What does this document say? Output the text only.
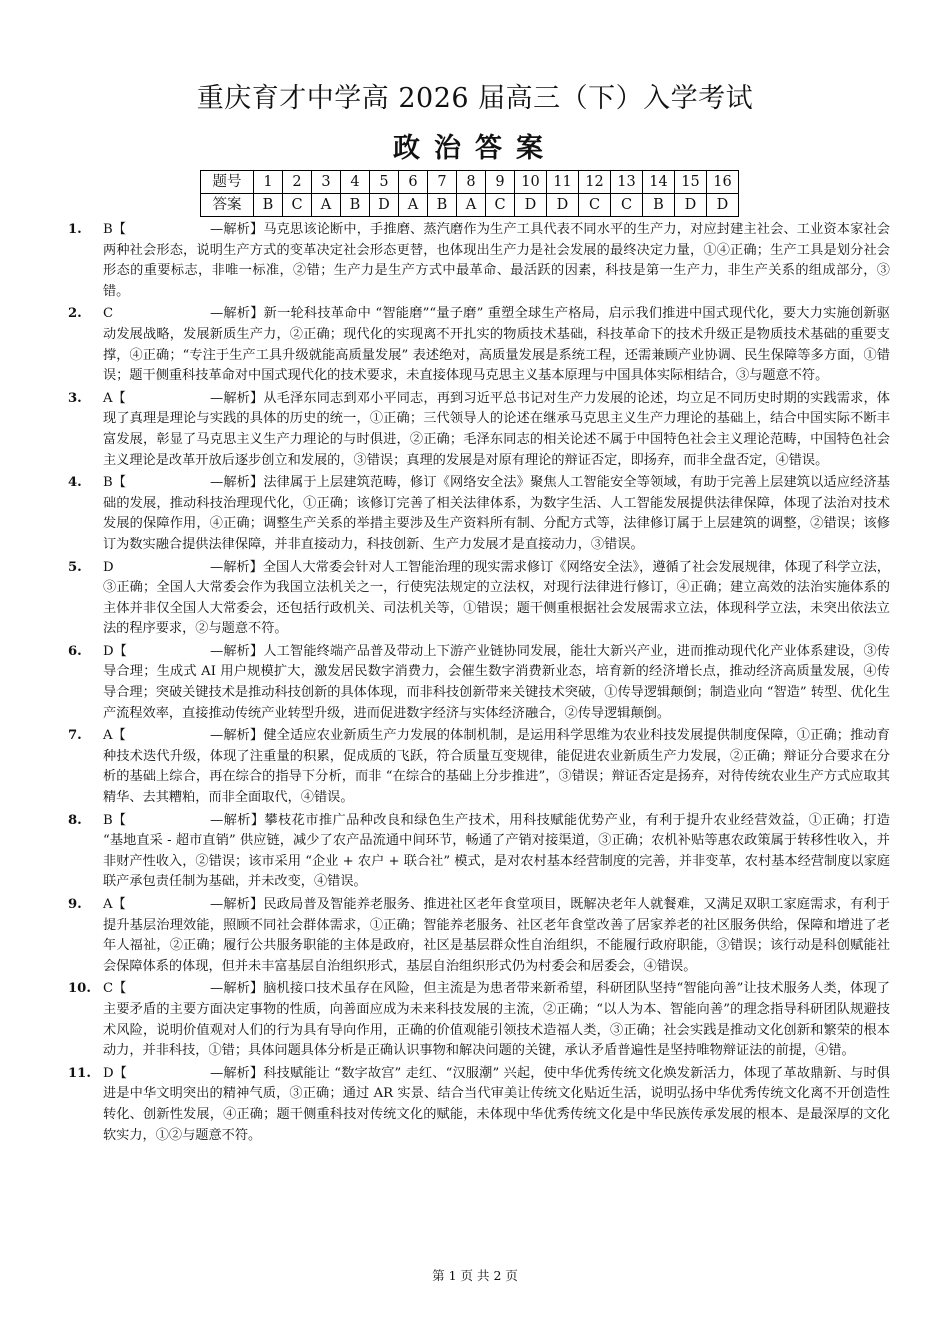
重庆育才中学高 2026 届高三（下）入学考试
政治答案
题号	1	2	3	4	5	6	7	8	9	10	11	12	13	14	15	16
答案	B	C	A	B	D	A	B	A	C	D	D	C	C	B	D	D
1. B【	—解析】马克思该论断中，手推磨、蒸汽磨作为生产工具代表不同水平的生产力，对应封建主社会、工业资本家社会两种社会形态，说明生产方式的变革决定社会形态更替，也体现出生产力是社会发展的最终决定力量，①④正确；生产工具是划分社会形态的重要标志，非唯一标准，②错；生产力是生产方式中最革命、最活跃的因素，科技是第一生产力，非生产关系的组成部分，③错。
2. C	—解析】新一轮科技革命中 “智能磨”“量子磨” 重塑全球生产格局，启示我们推进中国式现代化，要大力实施创新驱动发展战略，发展新质生产力，②正确；现代化的实现离不开扎实的物质技术基础，科技革命下的技术升级正是物质技术基础的重要支撑，④正确；“专注于生产工具升级就能高质量发展” 表述绝对，高质量发展是系统工程，还需兼顾产业协调、民生保障等多方面，①错误；题干侧重科技革命对中国式现代化的技术要求，未直接体现马克思主义基本原理与中国具体实际相结合，③与题意不符。
3. A【	—解析】从毛泽东同志到邓小平同志，再到习近平总书记对生产力发展的论述，均立足不同历史时期的实践需求，体现了真理是理论与实践的具体的历史的统一，①正确；三代领导人的论述在继承马克思主义生产力理论的基础上，结合中国实际不断丰富发展，彰显了马克思主义生产力理论的与时俱进，②正确；毛泽东同志的相关论述不属于中国特色社会主义理论范畴，中国特色社会主义理论是改革开放后逐步创立和发展的，③错误；真理的发展是对原有理论的辩证否定，即扬弃，而非全盘否定，④错误。
4. B【	—解析】法律属于上层建筑范畴，修订《网络安全法》聚焦人工智能安全等领域，有助于完善上层建筑以适应经济基础的发展，推动科技治理现代化，①正确；该修订完善了相关法律体系，为数字生活、人工智能发展提供法律保障，体现了法治对技术发展的保障作用，④正确；调整生产关系的举措主要涉及生产资料所有制、分配方式等，法律修订属于上层建筑的调整，②错误；该修订为数实融合提供法律保障，并非直接动力，科技创新、生产力发展才是直接动力，③错误。
5. D	—解析】全国人大常委会针对人工智能治理的现实需求修订《网络安全法》，遵循了社会发展规律，体现了科学立法，③正确；全国人大常委会作为我国立法机关之一，行使宪法规定的立法权，对现行法律进行修订，④正确；建立高效的法治实施体系的主体并非仅全国人大常委会，还包括行政机关、司法机关等，①错误；题干侧重根据社会发展需求立法，体现科学立法，未突出依法立法的程序要求，②与题意不符。
6. D【	—解析】人工智能终端产品普及带动上下游产业链协同发展，能壮大新兴产业，进而推动现代化产业体系建设，③传导合理；生成式 AI 用户规模扩大，激发居民数字消费力，会催生数字消费新业态，培育新的经济增长点，推动经济高质量发展，④传导合理；突破关键技术是推动科技创新的具体体现，而非科技创新带来关键技术突破，①传导逻辑颠倒；制造业向 “智造” 转型、优化生产流程效率，直接推动传统产业转型升级，进而促进数字经济与实体经济融合，②传导逻辑颠倒。
7. A【	—解析】健全适应农业新质生产力发展的体制机制，是运用科学思维为农业科技发展提供制度保障，①正确；推动育种技术迭代升级，体现了注重量的积累，促成质的飞跃，符合质量互变规律，能促进农业新质生产力发展，②正确；辩证分合要求在分析的基础上综合，再在综合的指导下分析，而非 “在综合的基础上分步推进”，③错误；辩证否定是扬弃，对待传统农业生产方式应取其精华、去其糟粕，而非全面取代，④错误。
8. B【	—解析】攀枝花市推广品种改良和绿色生产技术，用科技赋能优势产业，有利于提升农业经营效益，①正确；打造 “基地直采 - 超市直销” 供应链，减少了农产品流通中间环节，畅通了产销对接渠道，③正确；农机补贴等惠农政策属于转移性收入，并非财产性收入，②错误；该市采用 “企业 + 农户 + 联合社” 模式，是对农村基本经营制度的完善，并非变革，农村基本经营制度以家庭联产承包责任制为基础，并未改变，④错误。
9. A【	—解析】民政局普及智能养老服务、推进社区老年食堂项目，既解决老年人就餐难，又满足双职工家庭需求，有利于提升基层治理效能，照顾不同社会群体需求，①正确；智能养老服务、社区老年食堂改善了居家养老的社区服务供给，保障和增进了老年人福祉，②正确；履行公共服务职能的主体是政府，社区是基层群众性自治组织，不能履行政府职能，③错误；该行动是科创赋能社会保障体系的体现，但并未丰富基层自治组织形式，基层自治组织形式仍为村委会和居委会，④错误。
10. C【	—解析】脑机接口技术虽存在风险，但主流是为患者带来新希望，科研团队坚持“智能向善”让技术服务人类，体现了主要矛盾的主要方面决定事物的性质，向善面应成为未来科技发展的主流，②正确；“以人为本、智能向善”的理念指导科研团队规避技术风险，说明价值观对人们的行为具有导向作用，正确的价值观能引领技术造福人类，③正确；社会实践是推动文化创新和繁荣的根本动力，并非科技，①错；具体问题具体分析是正确认识事物和解决问题的关键，承认矛盾普遍性是坚持唯物辩证法的前提，④错。
11. D【	—解析】科技赋能让 “数字故宫” 走红、“汉服潮” 兴起，使中华优秀传统文化焕发新活力，体现了革故鼎新、与时俱进是中华文明突出的精神气质，③正确；通过 AR 实景、结合当代审美让传统文化贴近生活，说明弘扬中华优秀传统文化离不开创造性转化、创新性发展，④正确；题干侧重科技对传统文化的赋能，未体现中华优秀传统文化是中华民族传承发展的根本、是最深厚的文化软实力，①②与题意不符。
第 1 页 共 2 页
